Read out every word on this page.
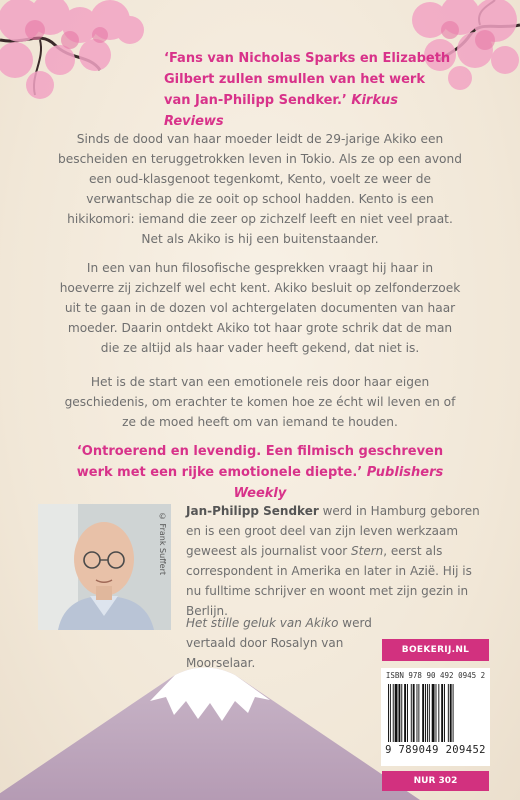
‘Fans van Nicholas Sparks en Elizabeth Gilbert zullen smullen van het werk van Jan-Philipp Sendker.’ Kirkus Reviews
Sinds de dood van haar moeder leidt de 29-jarige Akiko een bescheiden en teruggetrokken leven in Tokio. Als ze op een avond een oud-klasgenoot tegenkomt, Kento, voelt ze weer de verwantschap die ze ooit op school hadden. Kento is een hikikomori: iemand die zeer op zichzelf leeft en niet veel praat. Net als Akiko is hij een buitenstaander.
In een van hun filosofische gesprekken vraagt hij haar in hoeverre zij zichzelf wel echt kent. Akiko besluit op zelfonderzoek uit te gaan in de dozen vol achtergelaten documenten van haar moeder. Daarin ontdekt Akiko tot haar grote schrik dat de man die ze altijd als haar vader heeft gekend, dat niet is.
Het is de start van een emotionele reis door haar eigen geschiedenis, om erachter te komen hoe ze écht wil leven en of ze de moed heeft om van iemand te houden.
‘Ontroerend en levendig. Een filmisch geschreven werk met een rijke emotionele diepte.’ Publishers Weekly
© Frank Suffert
Jan-Philipp Sendker werd in Hamburg geboren en is een groot deel van zijn leven werkzaam geweest als journalist voor Stern, eerst als correspondent in Amerika en later in Azië. Hij is nu fulltime schrijver en woont met zijn gezin in Berlijn.
Het stille geluk van Akiko werd vertaald door Rosalyn van Moorselaar.
BOEKERIJ.NL
ISBN 978 90 492 0945 2
9 789049 209452
NUR 302
